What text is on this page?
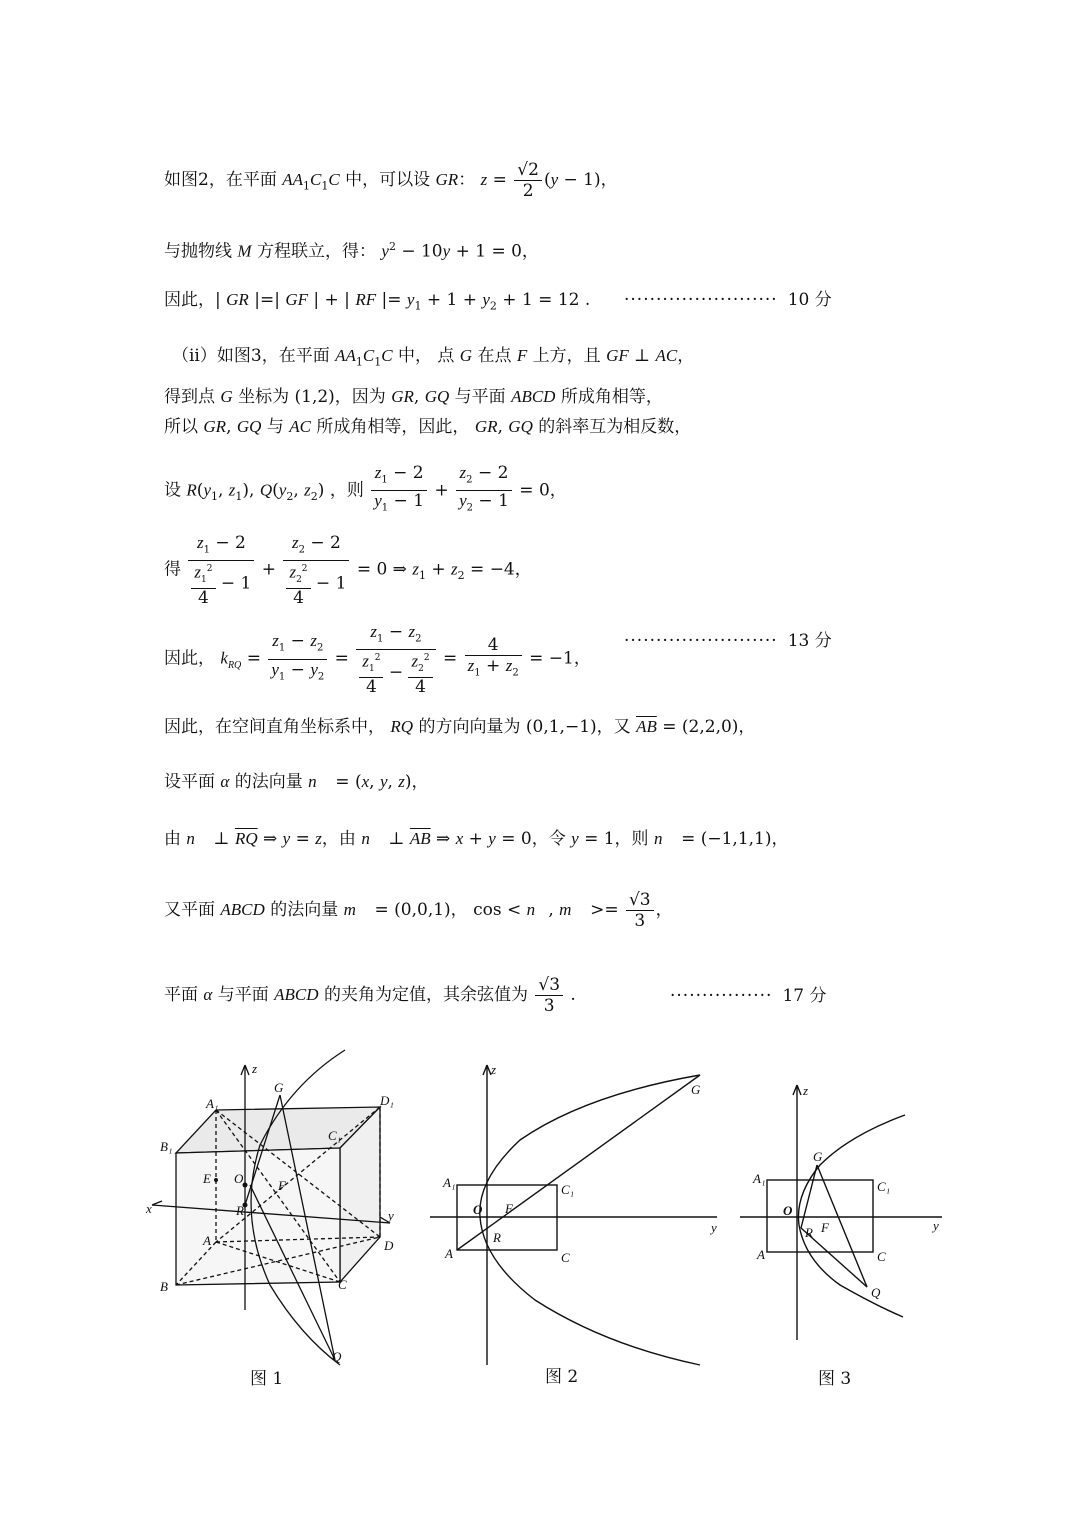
如图2，在平面 $AA_1C_1C$ 中，可以设 GR： $z = \frac{√2}{2} (y - 1)$，
与抛物线 M 方程联立，得： $y^2 - 10y + 1 = 0$，
因此，| GR |=| GF | + | RF |= $y_1 + 1 + y_2 + 1 = 12$ . ························ 10 分
（ii）如图3，在平面 $AA_1C_1C$ 中， 点 G 在点 F 上方，且 GF ⊥ AC，
得到点 G 坐标为 (1,2)，因为 GR, GQ 与平面 ABCD 所成角相等，
所以 GR, GQ 与 AC 所成角相等，因此， GR, GQ 的斜率互为相反数，
设 $R(y_1$, $z_1$), $Q(y_2$, $z_2$) ，则 $\frac{z_1 - 2}{y_1 - 1} + \frac{z_2 - 2}{y_2 - 1} = 0$，
得 $\frac{z_1 - 2}{\frac{z_1^2}{4} - 1} + \frac{z_2 - 2}{\frac{z_2^2}{4} - 1} = 0$ ⇒ $z_1 + z_2 = -4$，
因此， $k_{RQ} = \frac{z_1 - z_2}{y_1 - y_2} = \frac{z_1 - z_2}{\frac{z_1^2}{4} - \frac{z_2^2}{4}} = \frac{4}{z_1 + z_2} = -1$，
························ 13 分
因此，在空间直角坐标系中， RQ 的方向向量为 (0,1,−1)，又 $\overline{AB} = (2,2,0)$，
设平面 α 的法向量 n⃗ = (x, y, z)，
由 n⃗ ⊥ $\overline{RQ}$ ⇒ y = z，由 n⃗ ⊥ $\overline{AB}$ ⇒ x + y = 0，令 y = 1，则 n⃗ = (−1,1,1)，
又平面 ABCD 的法向量 m⃗ = (0,0,1)， cos < n⃗, m⃗ >= $\frac{√3}{3}$ ，
平面 α 与平面 ABCD 的夹角为定值，其余弦值为 $\frac{√3}{3}$ .	················ 17 分
z
x	y
G
A₁	D₁
C₁
B₁
E O	F
R
A	D
B	C
Q
图 1
z
y
G
A₁	C₁
O F
R
A	C
图 2
z
y
G
A₁
C₁
O
F
R
A	C
Q
图 3
